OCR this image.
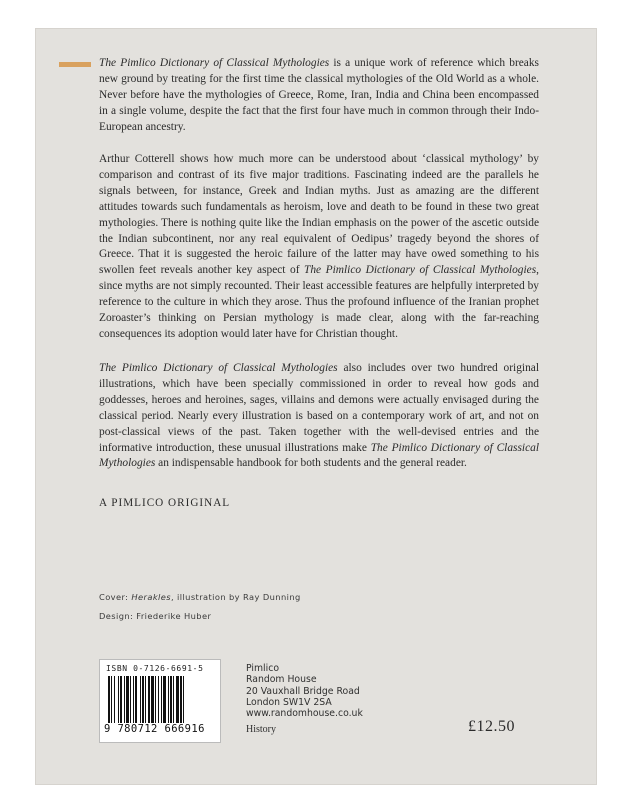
The Pimlico Dictionary of Classical Mythologies is a unique work of reference which breaks new ground by treating for the first time the classical mythologies of the Old World as a whole. Never before have the mythologies of Greece, Rome, Iran, India and China been encompassed in a single volume, despite the fact that the first four have much in common through their Indo-European ancestry.

Arthur Cotterell shows how much more can be understood about ‘classical mythology’ by comparison and contrast of its five major traditions. Fascinating indeed are the parallels he signals between, for instance, Greek and Indian myths. Just as amazing are the different attitudes towards such fundamentals as heroism, love and death to be found in these two great mythologies. There is nothing quite like the Indian emphasis on the power of the ascetic outside the Indian subcontinent, nor any real equivalent of Oedipus’ tragedy beyond the shores of Greece. That it is suggested the heroic failure of the latter may have owed something to his swollen feet reveals another key aspect of The Pimlico Dictionary of Classical Mythologies, since myths are not simply recounted. Their least accessible features are helpfully interpreted by reference to the culture in which they arose. Thus the profound influence of the Iranian prophet Zoroaster’s thinking on Persian mythology is made clear, along with the far-reaching consequences its adoption would later have for Christian thought.

The Pimlico Dictionary of Classical Mythologies also includes over two hundred original illustrations, which have been specially commissioned in order to reveal how gods and goddesses, heroes and heroines, sages, villains and demons were actually envisaged during the classical period. Nearly every illustration is based on a contemporary work of art, and not on post-classical views of the past. Taken together with the well-devised entries and the informative introduction, these unusual illustrations make The Pimlico Dictionary of Classical Mythologies an indispensable handbook for both students and the general reader.

A PIMLICO ORIGINAL

Cover: Herakles, illustration by Ray Dunning

Design: Friederike Huber

ISBN 0-7126-6691-5
9 780712 666916
Pimlico
Random House
20 Vauxhall Bridge Road
London SW1V 2SA
www.randomhouse.co.uk
History	£12.50
